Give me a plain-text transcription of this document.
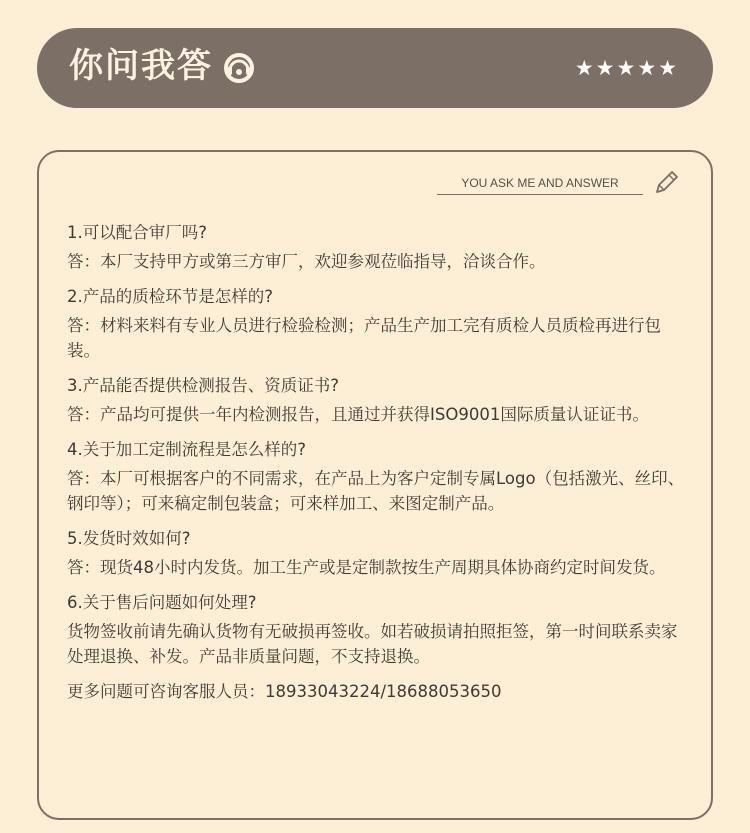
你问我答	★★★★★
YOU ASK ME AND ANSWER

1.可以配合审厂吗?

答：本厂支持甲方或第三方审厂，欢迎参观莅临指导，洽谈合作。

2.产品的质检环节是怎样的?

答：材料来料有专业人员进行检验检测；产品生产加工完有质检人员质检再进行包装。

3.产品能否提供检测报告、资质证书?

答：产品均可提供一年内检测报告，且通过并获得ISO9001国际质量认证证书。

4.关于加工定制流程是怎么样的?

答：本厂可根据客户的不同需求，在产品上为客户定制专属Logo（包括激光、丝印、钢印等）；可来稿定制包装盒；可来样加工、来图定制产品。

5.发货时效如何?

答：现货48小时内发货。加工生产或是定制款按生产周期具体协商约定时间发货。

6.关于售后问题如何处理?

货物签收前请先确认货物有无破损再签收。如若破损请拍照拒签，第一时间联系卖家处理退换、补发。产品非质量问题，不支持退换。

更多问题可咨询客服人员：18933043224/18688053650
